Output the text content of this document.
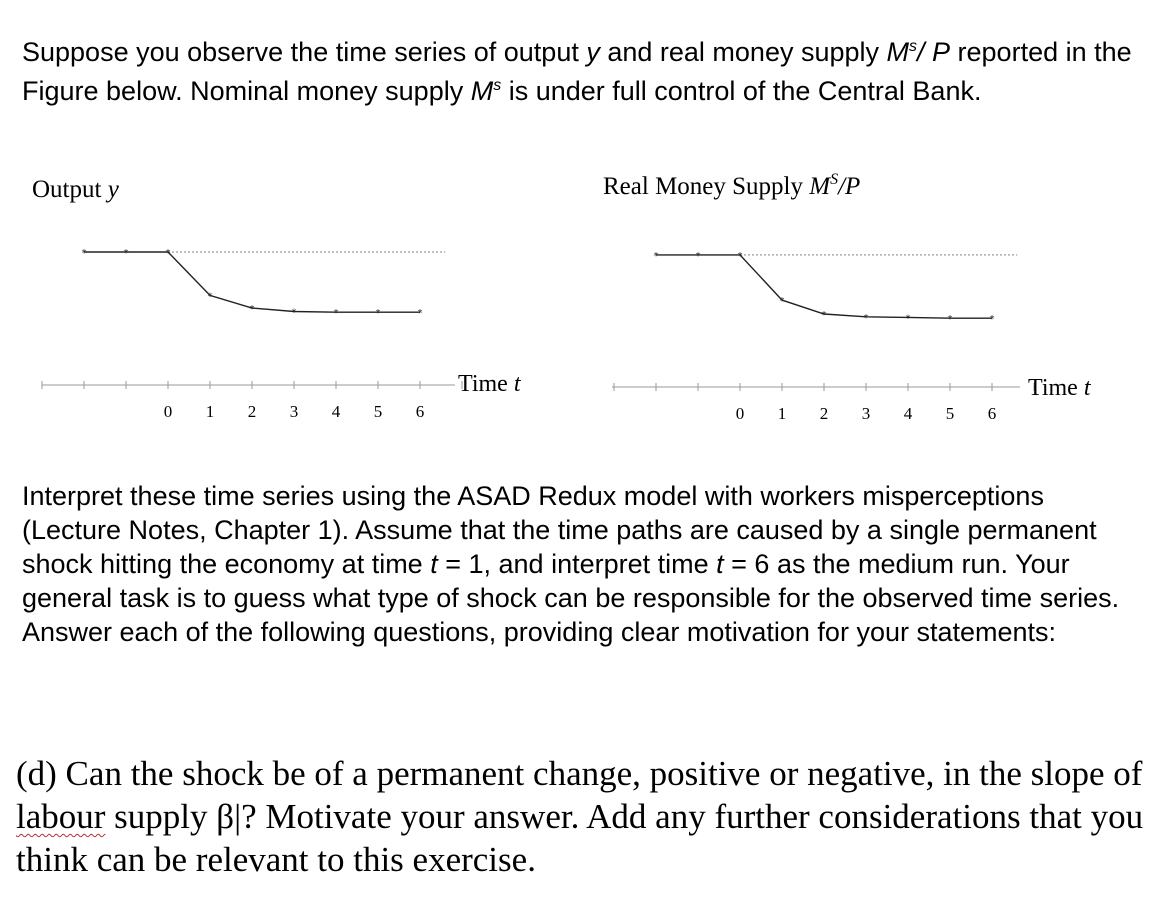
Suppose you observe the time series of output y and real money supply $M^s/$ P reported in the Figure below. Nominal money supply $M^s$ is under full control of the Central Bank.
Output y
0 1 2 3 4 5 6
*	*	*
*
*	*	*	*	*
Time t
Real Money Supply $M^S/P$
0 1 2 3 4 5 6
*	*	*
*
*	*	*	*	*
Time t
Interpret these time series using the ASAD Redux model with workers misperceptions (Lecture Notes, Chapter 1). Assume that the time paths are caused by a single permanent shock hitting the economy at time t = 1, and interpret time t = 6 as the medium run. Your general task is to guess what type of shock can be responsible for the observed time series. Answer each of the following questions, providing clear motivation for your statements:
(d) Can the shock be of a permanent change, positive or negative, in the slope of labour supply β|? Motivate your answer. Add any further considerations that you think can be relevant to this exercise.
